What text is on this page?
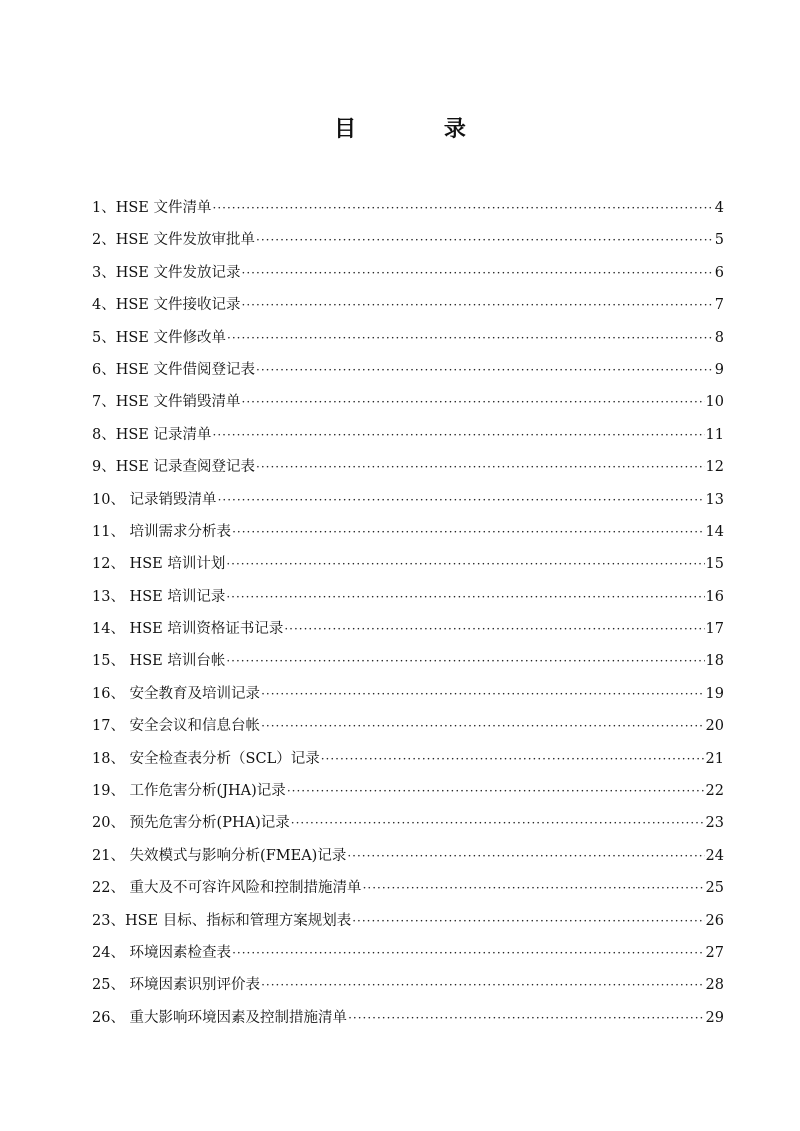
目 录
1、HSE 文件清单 ·····	4
2、HSE 文件发放审批单 ·····	5
3、HSE 文件发放记录 ·····	6
4、HSE 文件接收记录 ·····	7
5、HSE 文件修改单 ·····	8
6、HSE 文件借阅登记表 ·····	9
7、HSE 文件销毁清单 ·····	10
8、HSE 记录清单 ·····	11
9、HSE 记录查阅登记表 ·····	12
10、 记录销毁清单 ·····	13
11、 培训需求分析表 ·····	14
12、 HSE 培训计划 ·····	15
13、 HSE 培训记录 ·····	16
14、 HSE 培训资格证书记录 ·····	17
15、 HSE 培训台帐 ·····	18
16、 安全教育及培训记录 ·····	19
17、 安全会议和信息台帐 ·····	20
18、 安全检查表分析（SCL）记录 ·····	21
19、 工作危害分析(JHA)记录 ·····	22
20、 预先危害分析(PHA)记录 ·····	23
21、 失效模式与影响分析(FMEA)记录 ·····	24
22、 重大及不可容许风险和控制措施清单 ·····	25
23、HSE 目标、指标和管理方案规划表 ·····	26
24、 环境因素检查表 ·····	27
25、 环境因素识别评价表 ·····	28
26、 重大影响环境因素及控制措施清单 ·····	29
